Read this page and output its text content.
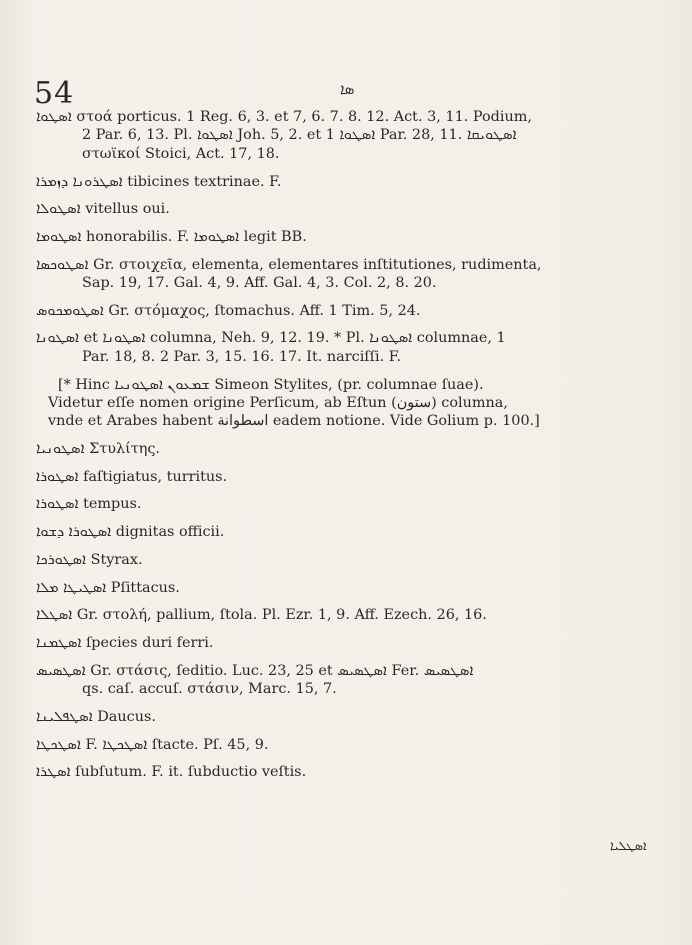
54	ܣܐ
ܐܣܛܘܐ στοά porticus. 1 Reg. 6, 3. et 7, 6. 7. 8. 12. Act. 3, 11. Podium,
2 Par. 6, 13. Pl. ܐܣܛܘܐ Joh. 5, 2. et ܐܣܛܘܐ 1 Par. 28, 11. ܐܣܛܘܝܩܐ
στωϊκοί Stoici, Act. 17, 18.
ܐܣܛܪܘܢܐ ܕܙܡܪܐ tibicines textrinae. F.
ܐܣܛܘܠܐ vitellus oui.
ܐܣܛܘܡܐ honorabilis. F. ܐܣܛܘܡܐ legit BB.
ܐܣܛܘܟܣܐ Gr. στοιχεῖα, elementa, elementares inſtitutiones, rudimenta,
Sap. 19, 17. Gal. 4, 9. Aff. Gal. 4, 3. Col. 2, 8. 20.
ܐܣܛܘܡܟܘܣ Gr. στόμαχος, ſtomachus. Aff. 1 Tim. 5, 24.
ܐܣܛܘܢܐ et ܐܣܛܘܢܐ columna, Neh. 9, 12. 19. * Pl. ܐܣܛܘܢܐ columnae, 1
Par. 18, 8. 2 Par. 3, 15. 16. 17. It. narciſſi. F.
[* Hinc ܫܡܥܘܢ ܐܣܛܘܢܝܐ Simeon Stylites, (pr. columnae ſuae).
Videtur eſſe nomen origine Perſicum, ab Eſtun (ستون) columna,
vnde et Arabes habent اسطوانة eadem notione. Vide Golium p. 100.]
ܐܣܛܘܢܝܐ Στυλίτης.
ܐܣܛܘܪܐ faſtigiatus, turritus.
ܐܣܛܘܪܐ tempus.
ܐܣܛܘܪܐ ܕܫܘܐ dignitas officii.
ܐܣܛܘܪܟܐ Styrax.
ܐܣܛܝܛܐ ܡܠܐ Pſittacus.
ܐܣܛܠܐ Gr. στολή, pallium, ſtola. Pl. Ezr. 1, 9. Aff. Ezech. 26, 16.
ܐܣܛܡܢܐ ſpecies duri ferri.
ܐܣܛܣܝܣ Gr. στάσις, ſeditio. Luc. 23, 25 et ܐܣܛܣܝܣ Fer. ܐܣܛܣܝܣ
qs. caſ. accuſ. στάσιν, Marc. 15, 7.
ܐܣܛܦܠܝܢܐ Daucus.
ܐܣܛܟܛܐ F. ܐܣܛܟܛܐ ſtacte. Pſ. 45, 9.
ܐܣܛܪܐ ſubſutum. F. it. ſubductio veſtis.
ܐܣܛܠܝܐ
